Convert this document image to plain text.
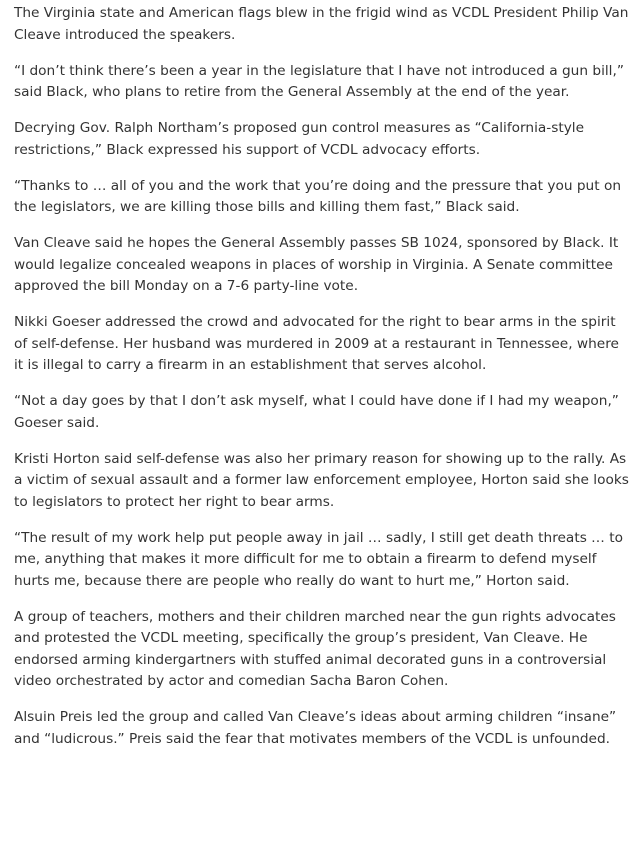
The Virginia state and American flags blew in the frigid wind as VCDL President Philip Van Cleave introduced the speakers.

“I don’t think there’s been a year in the legislature that I have not introduced a gun bill,” said Black, who plans to retire from the General Assembly at the end of the year.

Decrying Gov. Ralph Northam’s proposed gun control measures as “California-style restrictions,” Black expressed his support of VCDL advocacy efforts.

“Thanks to … all of you and the work that you’re doing and the pressure that you put on the legislators, we are killing those bills and killing them fast,” Black said.

Van Cleave said he hopes the General Assembly passes SB 1024, sponsored by Black. It would legalize concealed weapons in places of worship in Virginia. A Senate committee approved the bill Monday on a 7-6 party-line vote.

Nikki Goeser addressed the crowd and advocated for the right to bear arms in the spirit of self-defense. Her husband was murdered in 2009 at a restaurant in Tennessee, where it is illegal to carry a firearm in an establishment that serves alcohol.

“Not a day goes by that I don’t ask myself, what I could have done if I had my weapon,” Goeser said.

Kristi Horton said self-defense was also her primary reason for showing up to the rally. As a victim of sexual assault and a former law enforcement employee, Horton said she looks to legislators to protect her right to bear arms.

“The result of my work help put people away in jail … sadly, I still get death threats … to me, anything that makes it more difficult for me to obtain a firearm to defend myself hurts me, because there are people who really do want to hurt me,” Horton said.

A group of teachers, mothers and their children marched near the gun rights advocates and protested the VCDL meeting, specifically the group’s president, Van Cleave. He endorsed arming kindergartners with stuffed animal decorated guns in a controversial video orchestrated by actor and comedian Sacha Baron Cohen.

Alsuin Preis led the group and called Van Cleave’s ideas about arming children “insane” and “ludicrous.” Preis said the fear that motivates members of the VCDL is unfounded.
